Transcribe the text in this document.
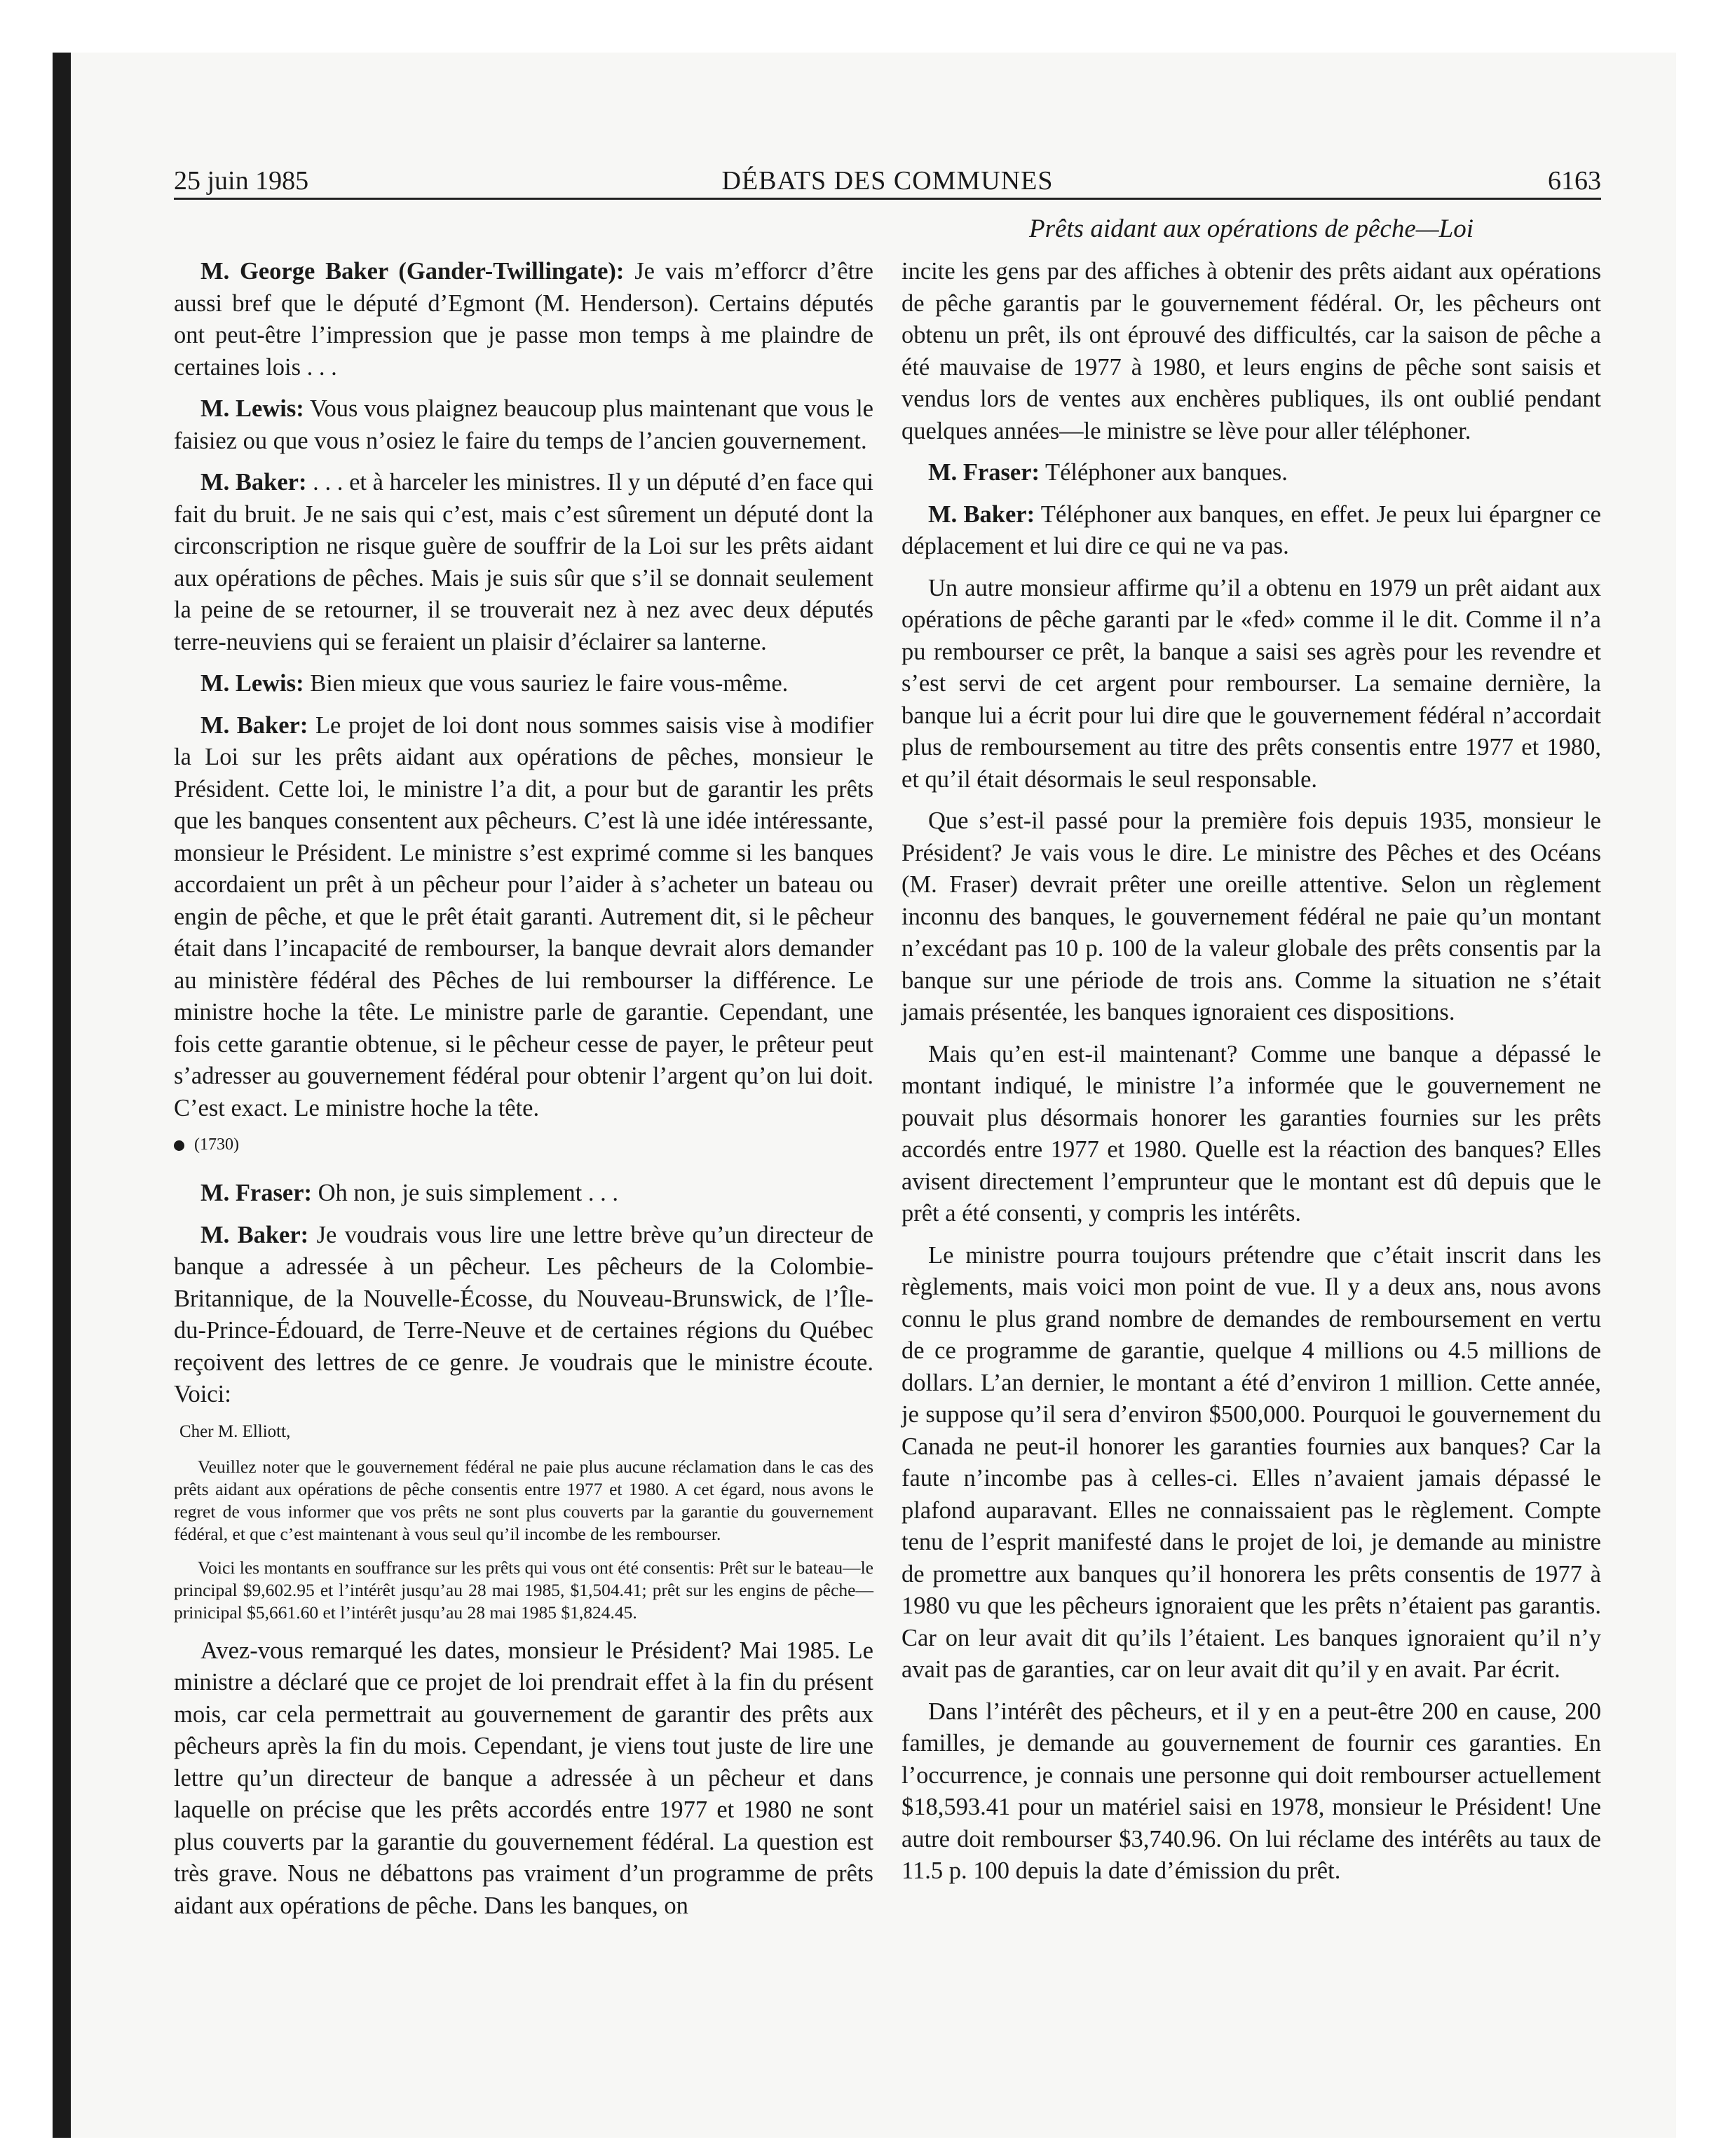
25 juin 1985	DÉBATS DES COMMUNES	6163
Prêts aidant aux opérations de pêche—Loi

M. George Baker (Gander-Twillingate): Je vais m’efforcr d’être aussi bref que le député d’Egmont (M. Henderson). Certains députés ont peut-être l’impression que je passe mon temps à me plaindre de certaines lois . . .

M. Lewis: Vous vous plaignez beaucoup plus maintenant que vous le faisiez ou que vous n’osiez le faire du temps de l’ancien gouvernement.

M. Baker: . . . et à harceler les ministres. Il y un député d’en face qui fait du bruit. Je ne sais qui c’est, mais c’est sûrement un député dont la circonscription ne risque guère de souffrir de la Loi sur les prêts aidant aux opérations de pêches. Mais je suis sûr que s’il se donnait seulement la peine de se retourner, il se trouverait nez à nez avec deux députés terre-neuviens qui se feraient un plaisir d’éclairer sa lanterne.

M. Lewis: Bien mieux que vous sauriez le faire vous-même.

M. Baker: Le projet de loi dont nous sommes saisis vise à modifier la Loi sur les prêts aidant aux opérations de pêches, monsieur le Président. Cette loi, le ministre l’a dit, a pour but de garantir les prêts que les banques consentent aux pêcheurs. C’est là une idée intéressante, monsieur le Président. Le ministre s’est exprimé comme si les banques accordaient un prêt à un pêcheur pour l’aider à s’acheter un bateau ou engin de pêche, et que le prêt était garanti. Autrement dit, si le pêcheur était dans l’incapacité de rembourser, la banque devrait alors demander au ministère fédéral des Pêches de lui rembourser la différence. Le ministre hoche la tête. Le ministre parle de garantie. Cependant, une fois cette garantie obtenue, si le pêcheur cesse de payer, le prêteur peut s’adresser au gouvernement fédéral pour obtenir l’argent qu’on lui doit. C’est exact. Le ministre hoche la tête.

(1730)

M. Fraser: Oh non, je suis simplement . . .

M. Baker: Je voudrais vous lire une lettre brève qu’un directeur de banque a adressée à un pêcheur. Les pêcheurs de la Colombie-Britannique, de la Nouvelle-Écosse, du Nouveau-Brunswick, de l’Île-du-Prince-Édouard, de Terre-Neuve et de certaines régions du Québec reçoivent des lettres de ce genre. Je voudrais que le ministre écoute. Voici:

Cher M. Elliott,
Veuillez noter que le gouvernement fédéral ne paie plus aucune réclamation dans le cas des prêts aidant aux opérations de pêche consentis entre 1977 et 1980. A cet égard, nous avons le regret de vous informer que vos prêts ne sont plus couverts par la garantie du gouvernement fédéral, et que c’est maintenant à vous seul qu’il incombe de les rembourser.
Voici les montants en souffrance sur les prêts qui vous ont été consentis: Prêt sur le bateau—le principal $9,602.95 et l’intérêt jusqu’au 28 mai 1985, $1,504.41; prêt sur les engins de pêche—prinicipal $5,661.60 et l’intérêt jusqu’au 28 mai 1985 $1,824.45.

Avez-vous remarqué les dates, monsieur le Président? Mai 1985. Le ministre a déclaré que ce projet de loi prendrait effet à la fin du présent mois, car cela permettrait au gouvernement de garantir des prêts aux pêcheurs après la fin du mois. Cependant, je viens tout juste de lire une lettre qu’un directeur de banque a adressée à un pêcheur et dans laquelle on précise que les prêts accordés entre 1977 et 1980 ne sont plus couverts par la garantie du gouvernement fédéral. La question est très grave. Nous ne débattons pas vraiment d’un programme de prêts aidant aux opérations de pêche. Dans les banques, on

incite les gens par des affiches à obtenir des prêts aidant aux opérations de pêche garantis par le gouvernement fédéral. Or, les pêcheurs ont obtenu un prêt, ils ont éprouvé des difficultés, car la saison de pêche a été mauvaise de 1977 à 1980, et leurs engins de pêche sont saisis et vendus lors de ventes aux enchères publiques, ils ont oublié pendant quelques années—le ministre se lève pour aller téléphoner.

M. Fraser: Téléphoner aux banques.

M. Baker: Téléphoner aux banques, en effet. Je peux lui épargner ce déplacement et lui dire ce qui ne va pas.

Un autre monsieur affirme qu’il a obtenu en 1979 un prêt aidant aux opérations de pêche garanti par le «fed» comme il le dit. Comme il n’a pu rembourser ce prêt, la banque a saisi ses agrès pour les revendre et s’est servi de cet argent pour rembourser. La semaine dernière, la banque lui a écrit pour lui dire que le gouvernement fédéral n’accordait plus de remboursement au titre des prêts consentis entre 1977 et 1980, et qu’il était désormais le seul responsable.

Que s’est-il passé pour la première fois depuis 1935, monsieur le Président? Je vais vous le dire. Le ministre des Pêches et des Océans (M. Fraser) devrait prêter une oreille attentive. Selon un règlement inconnu des banques, le gouvernement fédéral ne paie qu’un montant n’excédant pas 10 p. 100 de la valeur globale des prêts consentis par la banque sur une période de trois ans. Comme la situation ne s’était jamais présentée, les banques ignoraient ces dispositions.

Mais qu’en est-il maintenant? Comme une banque a dépassé le montant indiqué, le ministre l’a informée que le gouvernement ne pouvait plus désormais honorer les garanties fournies sur les prêts accordés entre 1977 et 1980. Quelle est la réaction des banques? Elles avisent directement l’emprunteur que le montant est dû depuis que le prêt a été consenti, y compris les intérêts.

Le ministre pourra toujours prétendre que c’était inscrit dans les règlements, mais voici mon point de vue. Il y a deux ans, nous avons connu le plus grand nombre de demandes de remboursement en vertu de ce programme de garantie, quelque 4 millions ou 4.5 millions de dollars. L’an dernier, le montant a été d’environ 1 million. Cette année, je suppose qu’il sera d’environ $500,000. Pourquoi le gouvernement du Canada ne peut-il honorer les garanties fournies aux banques? Car la faute n’incombe pas à celles-ci. Elles n’avaient jamais dépassé le plafond auparavant. Elles ne connaissaient pas le règlement. Compte tenu de l’esprit manifesté dans le projet de loi, je demande au ministre de promettre aux banques qu’il honorera les prêts consentis de 1977 à 1980 vu que les pêcheurs ignoraient que les prêts n’étaient pas garantis. Car on leur avait dit qu’ils l’étaient. Les banques ignoraient qu’il n’y avait pas de garanties, car on leur avait dit qu’il y en avait. Par écrit.

Dans l’intérêt des pêcheurs, et il y en a peut-être 200 en cause, 200 familles, je demande au gouvernement de fournir ces garanties. En l’occurrence, je connais une personne qui doit rembourser actuellement $18,593.41 pour un matériel saisi en 1978, monsieur le Président! Une autre doit rembourser $3,740.96. On lui réclame des intérêts au taux de 11.5 p. 100 depuis la date d’émission du prêt.
